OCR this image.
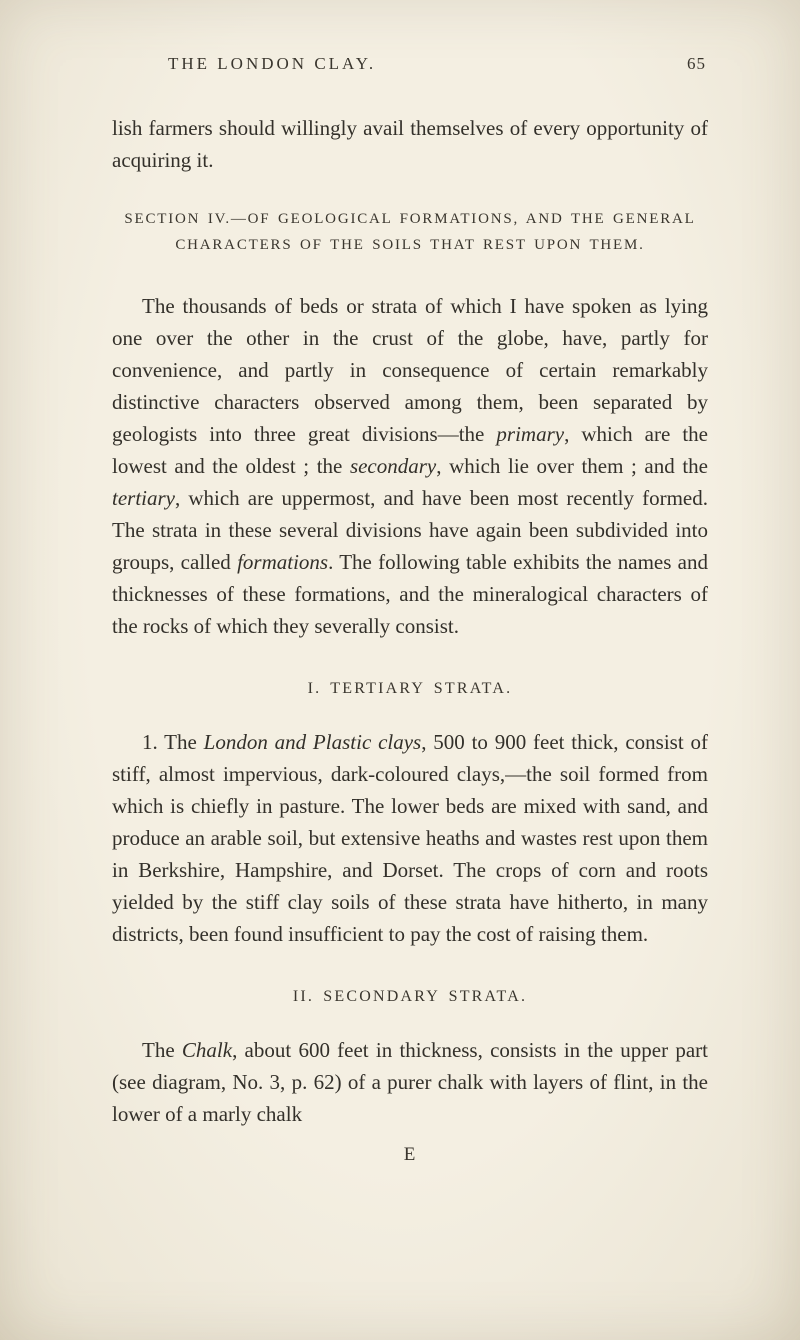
THE LONDON CLAY.	65

lish farmers should willingly avail themselves of every opportunity of acquiring it.

SECTION IV.—OF GEOLOGICAL FORMATIONS, AND THE GENERAL CHARACTERS OF THE SOILS THAT REST UPON THEM.

The thousands of beds or strata of which I have spoken as lying one over the other in the crust of the globe, have, partly for convenience, and partly in consequence of certain remarkably distinctive characters observed among them, been separated by geologists into three great divisions—the primary, which are the lowest and the oldest ; the secondary, which lie over them ; and the tertiary, which are uppermost, and have been most recently formed. The strata in these several divisions have again been subdivided into groups, called formations. The following table exhibits the names and thicknesses of these formations, and the mineralogical characters of the rocks of which they severally consist.

I. TERTIARY STRATA.

1. The London and Plastic clays, 500 to 900 feet thick, consist of stiff, almost impervious, dark-coloured clays,—the soil formed from which is chiefly in pasture. The lower beds are mixed with sand, and produce an arable soil, but extensive heaths and wastes rest upon them in Berkshire, Hampshire, and Dorset. The crops of corn and roots yielded by the stiff clay soils of these strata have hitherto, in many districts, been found insufficient to pay the cost of raising them.

II. SECONDARY STRATA.

The Chalk, about 600 feet in thickness, consists in the upper part (see diagram, No. 3, p. 62) of a purer chalk with layers of flint, in the lower of a marly chalk

E
